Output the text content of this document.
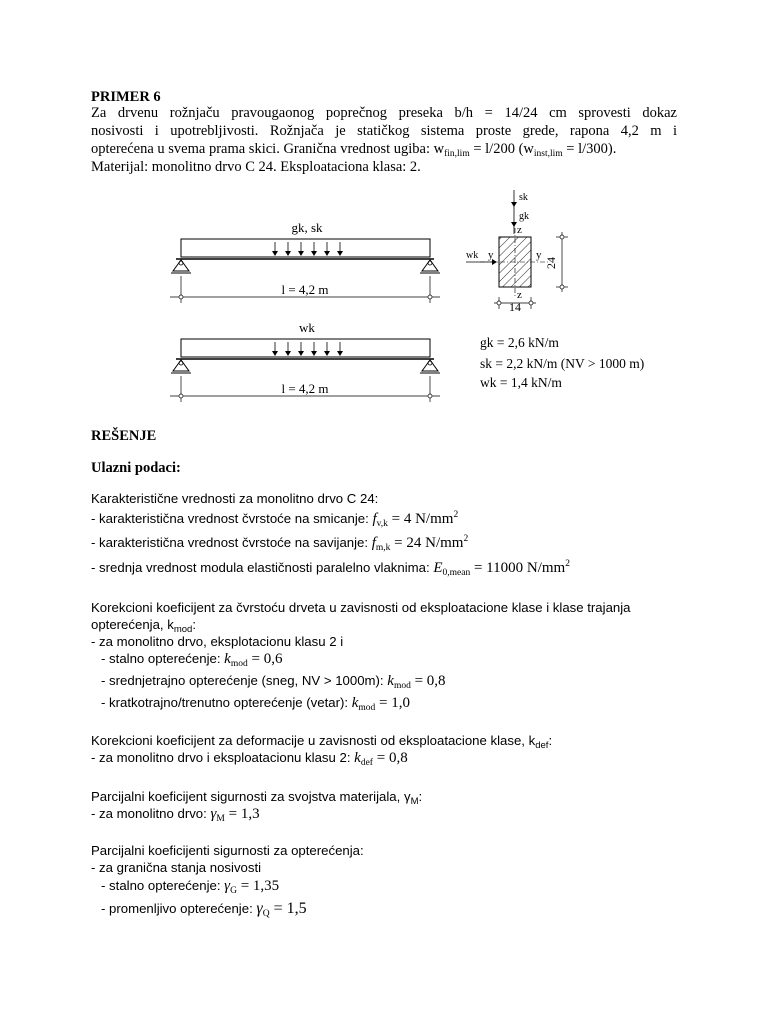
PRIMER 6
Za drvenu rožnjaču pravougaonog poprečnog preseka b/h = 14/24 cm sprovesti dokaz
nosivosti i upotrebljivosti. Rožnjača je statičkog sistema proste grede, rapona 4,2 m i
opterećena u svema prama skici. Granična vrednost ugiba: $w_{fin,lim} = l/200$ $(w_{inst,lim} = l/300)$.
Materijal: monolitno drvo C 24. Eksploataciona klasa: 2.
gk, sk
l = 4,2 m
wk
l = 4,2 m
sk
gk
z
z
y	y
wk
24
14
gk = 2,6 kN/m
sk = 2,2 kN/m (NV > 1000 m)
wk = 1,4 kN/m
REŠENJE
Ulazni podaci:
Karakteristične vrednosti za monolitno drvo C 24:
- karakteristična vrednost čvrstoće na smicanje: $f_{v,k} = 4$ $N/mm^2$
- karakteristična vrednost čvrstoće na savijanje: $f_{m,k} = 24$ $N/mm^2$
- srednja vrednost modula elastičnosti paralelno vlaknima: $E_{0,mean} = 11000$ $N/mm^2$
Korekcioni koeficijent za čvrstoću drveta u zavisnosti od eksploatacione klase i klase trajanja
opterećenja, $k_{mod}$:
- za monolitno drvo, eksplotacionu klasu 2 i
- stalno opterećenje: $k_{mod} = 0,6$
- srednjetrajno opterećenje (sneg, NV > 1000m): $k_{mod} = 0,8$
- kratkotrajno/trenutno opterećenje (vetar): $k_{mod} = 1,0$
Korekcioni koeficijent za deformacije u zavisnosti od eksploatacione klase, $k_{def}$:
- za monolitno drvo i eksploatacionu klasu 2: $k_{def} = 0,8$
Parcijalni koeficijent sigurnosti za svojstva materijala, $\gamma_M$:
- za monolitno drvo: $\gamma_M = 1,3$
Parcijalni koeficijenti sigurnosti za opterećenja:
- za granična stanja nosivosti
- stalno opterećenje: $\gamma_G = 1,35$
- promenljivo opterećenje: $\gamma_Q = 1,5$
